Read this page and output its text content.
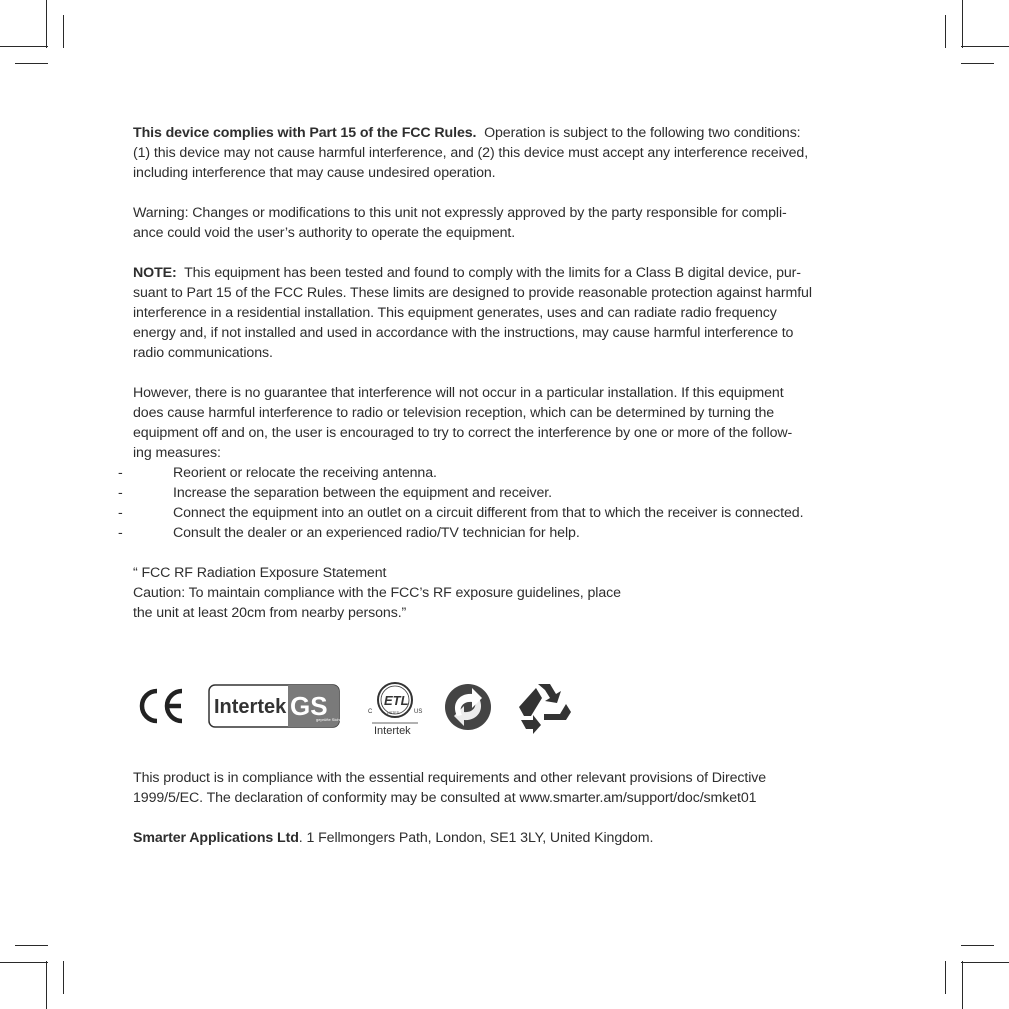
This device complies with Part 15 of the FCC Rules. Operation is subject to the following two conditions:

(1) this device may not cause harmful interference, and (2) this device must accept any interference received,

including interference that may cause undesired operation.

Warning: Changes or modifications to this unit not expressly approved by the party responsible for compli-

ance could void the user’s authority to operate the equipment.

NOTE: This equipment has been tested and found to comply with the limits for a Class B digital device, pur-

suant to Part 15 of the FCC Rules. These limits are designed to provide reasonable protection against harmful

interference in a residential installation. This equipment generates, uses and can radiate radio frequency

energy and, if not installed and used in accordance with the instructions, may cause harmful interference to

radio communications.

However, there is no guarantee that interference will not occur in a particular installation. If this equipment

does cause harmful interference to radio or television reception, which can be determined by turning the

equipment off and on, the user is encouraged to try to correct the interference by one or more of the follow-

ing measures:

-	Reorient or relocate the receiving antenna.
-	Increase the separation between the equipment and receiver.
-	Connect the equipment into an outlet on a circuit different from that to which the receiver is connected.
-	Consult the dealer or an experienced radio/TV technician for help.

“ FCC RF Radiation Exposure Statement

Caution: To maintain compliance with the FCC’s RF exposure guidelines, place

the unit at least 20cm from nearby persons.”

Intertek GS
geprüfte Sicherheit
ETL
C	US
LISTED
Intertek

This product is in compliance with the essential requirements and other relevant provisions of Directive

1999/5/EC. The declaration of conformity may be consulted at www.smarter.am/support/doc/smket01

Smarter Applications Ltd. 1 Fellmongers Path, London, SE1 3LY, United Kingdom.
